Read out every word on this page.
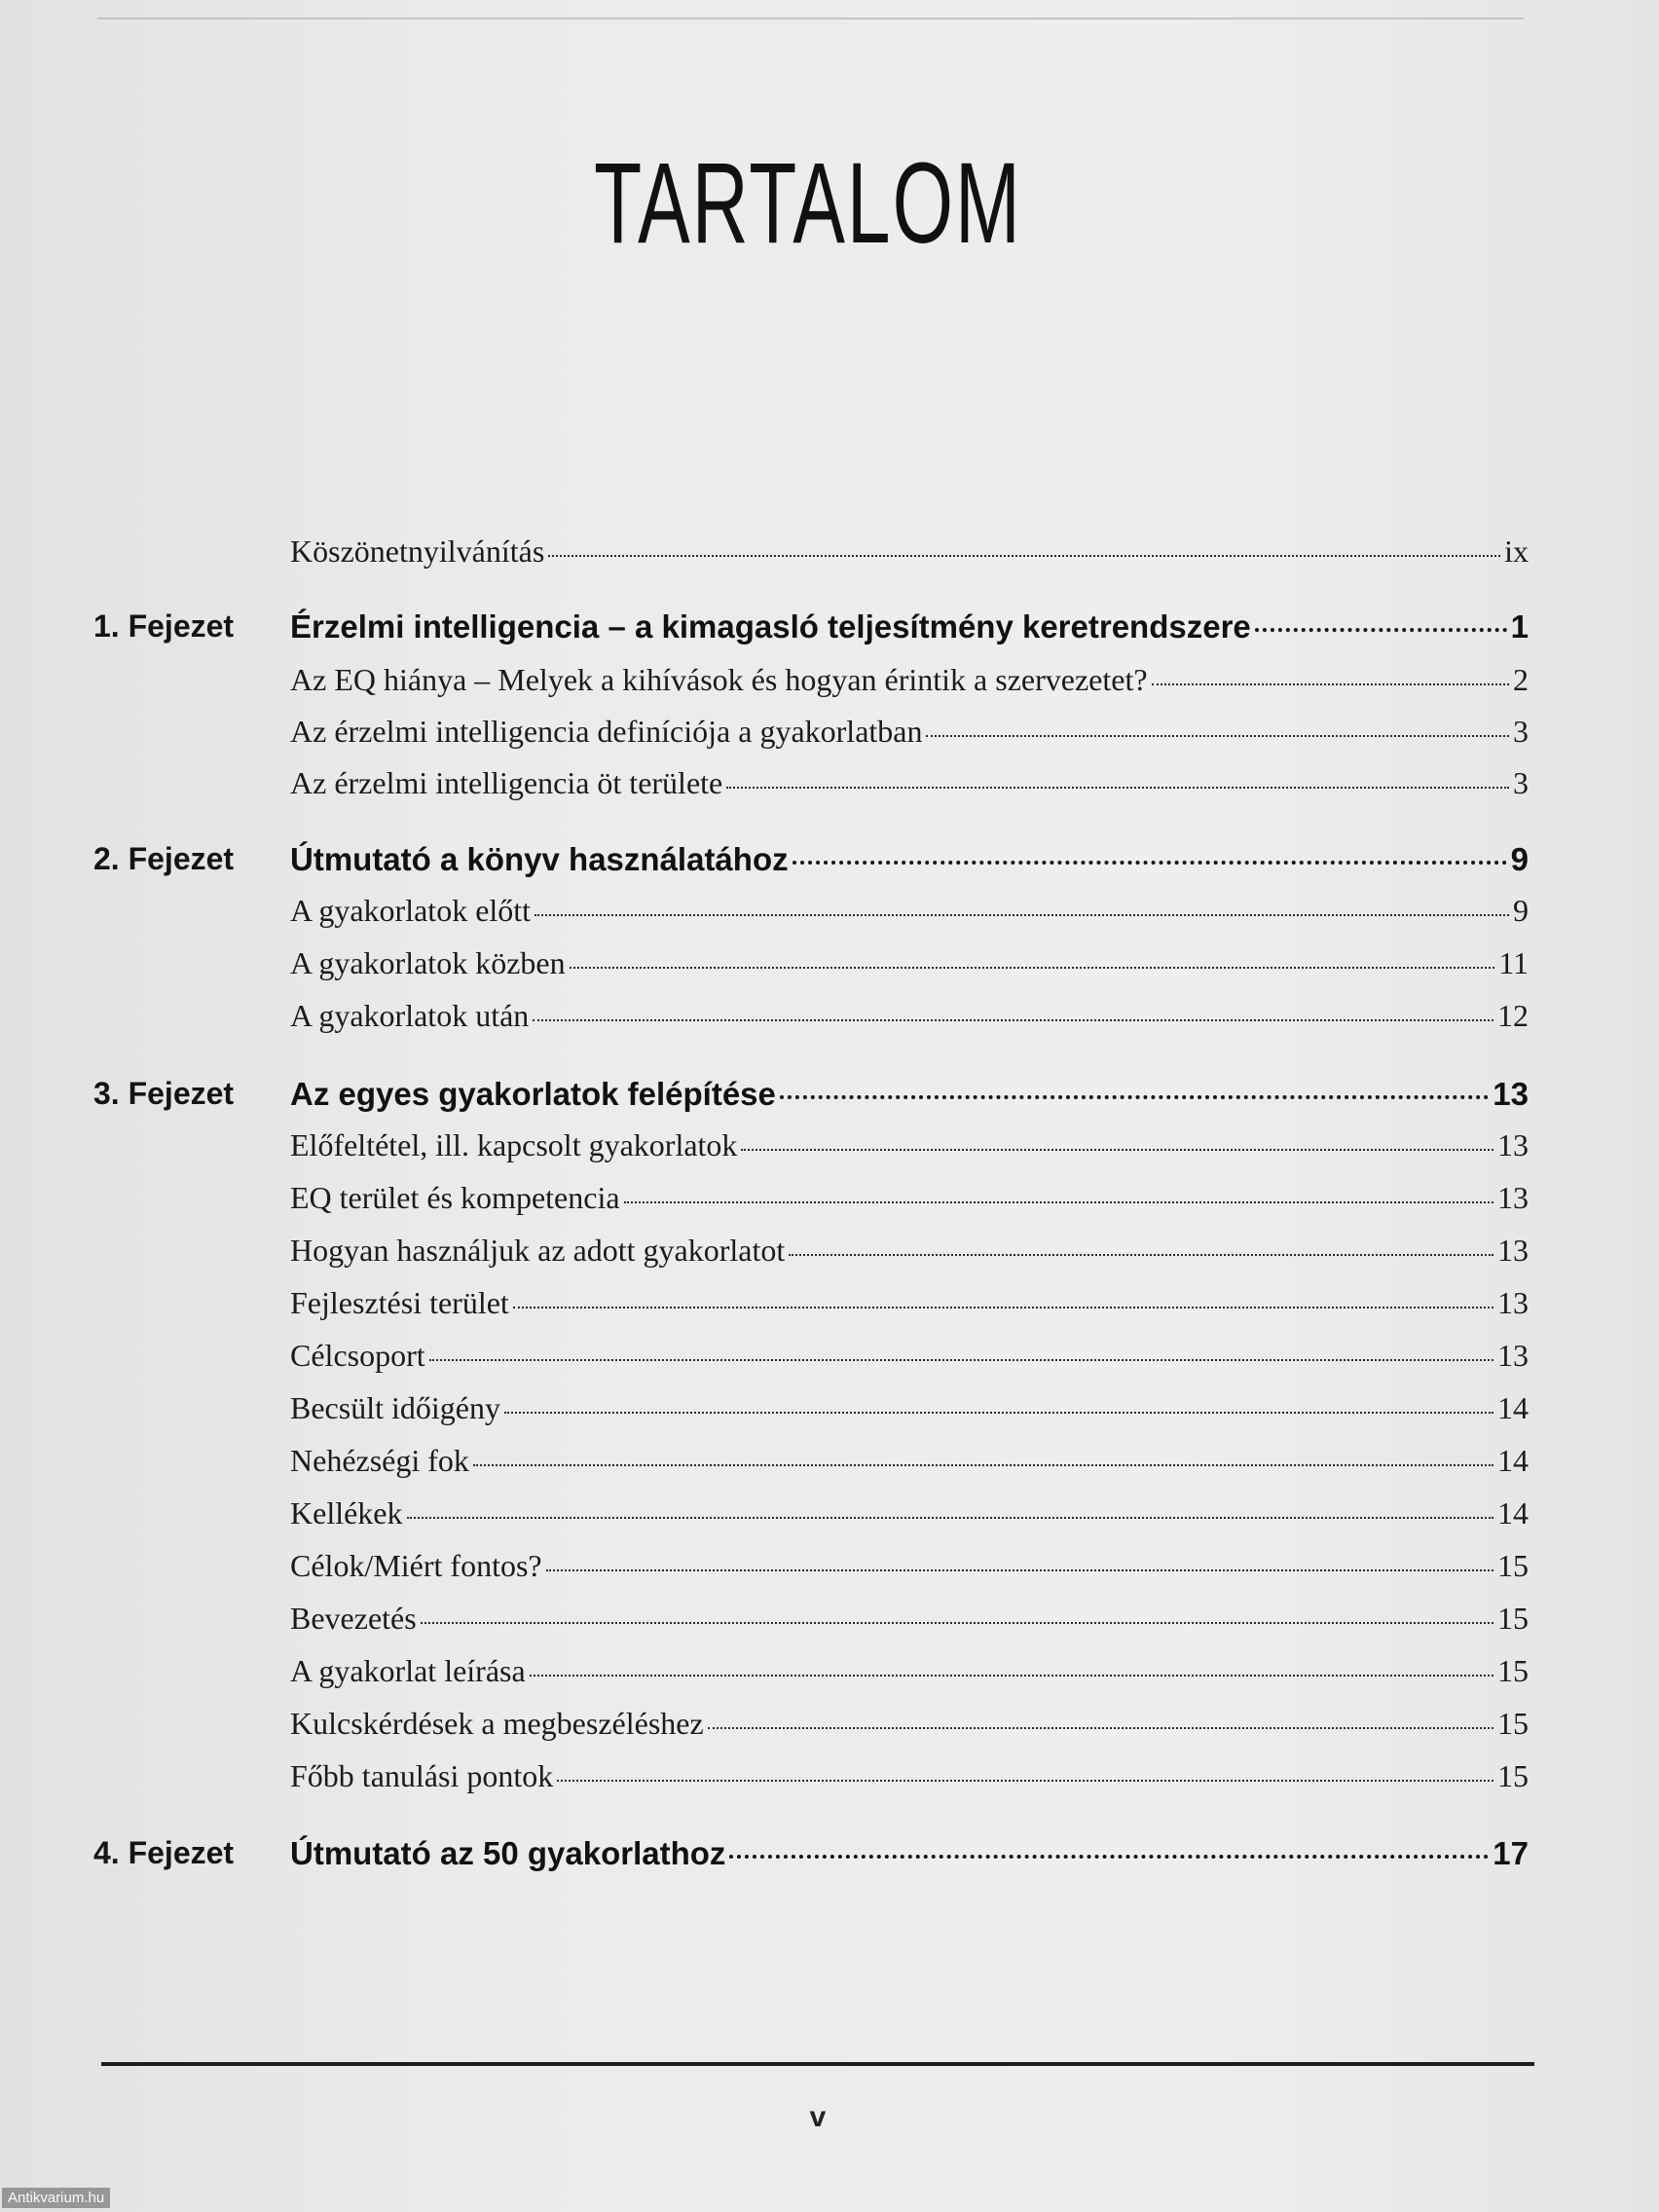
TARTALOM
Köszönetnyilvánítás	ix
1. Fejezet Érzelmi intelligencia – a kimagasló teljesítmény keretrendszere	1
Az EQ hiánya – Melyek a kihívások és hogyan érintik a szervezetet?	2
Az érzelmi intelligencia definíciója a gyakorlatban	3
Az érzelmi intelligencia öt területe	3
2. Fejezet Útmutató a könyv használatához	9
A gyakorlatok előtt	9
A gyakorlatok közben	11
A gyakorlatok után	12
3. Fejezet Az egyes gyakorlatok felépítése	13
Előfeltétel, ill. kapcsolt gyakorlatok	13
EQ terület és kompetencia	13
Hogyan használjuk az adott gyakorlatot	13
Fejlesztési terület	13
Célcsoport	13
Becsült időigény	14
Nehézségi fok	14
Kellékek	14
Célok/Miért fontos?	15
Bevezetés	15
A gyakorlat leírása	15
Kulcskérdések a megbeszéléshez	15
Főbb tanulási pontok	15
4. Fejezet Útmutató az 50 gyakorlathoz	17
v
Antikvarium.hu
